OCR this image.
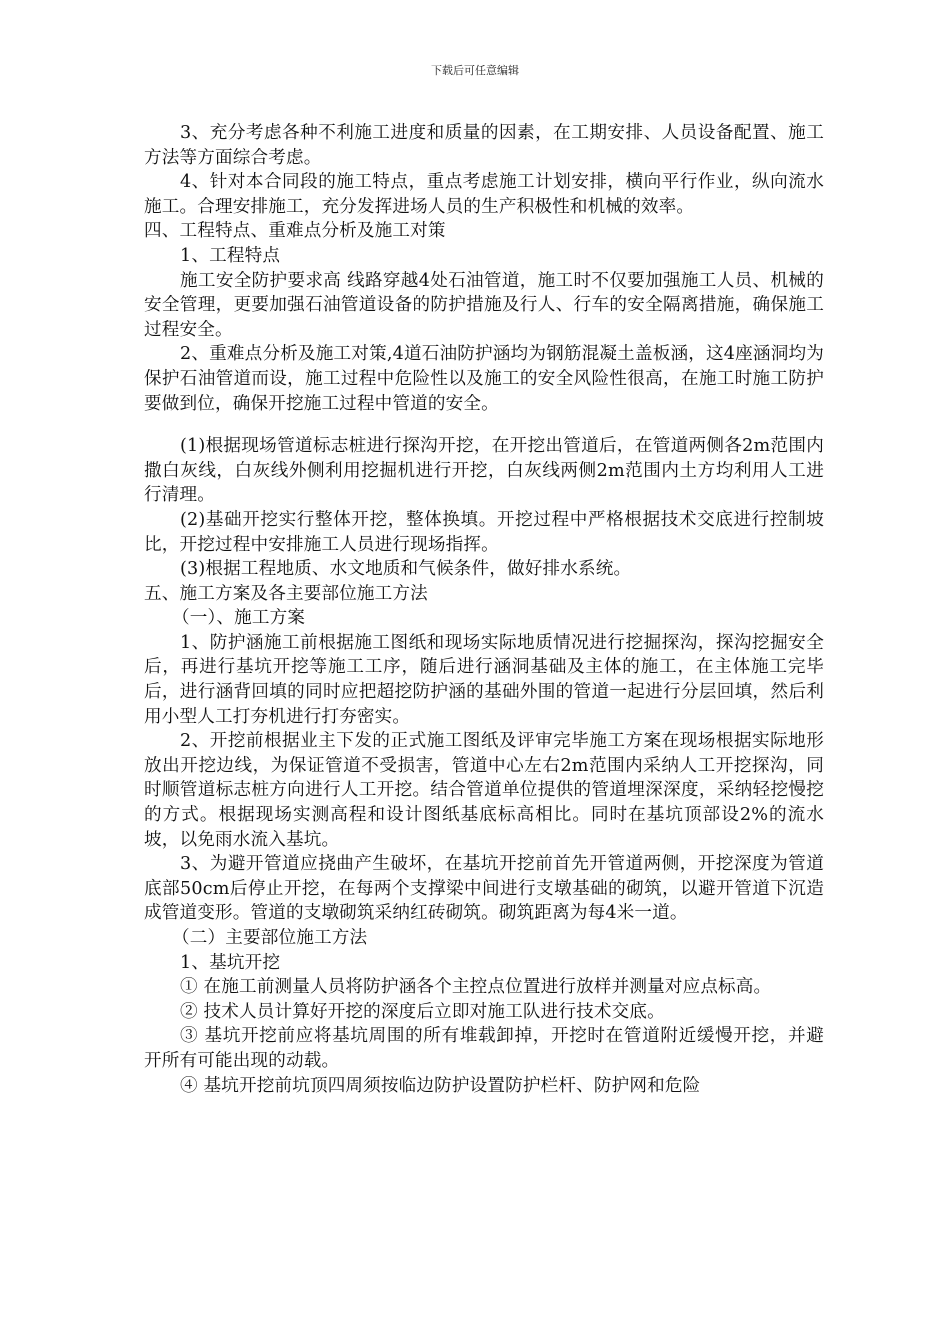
下载后可任意编辑

3、充分考虑各种不利施工进度和质量的因素，在工期安排、人员设备配置、施工方法等方面综合考虑。

4、针对本合同段的施工特点，重点考虑施工计划安排，横向平行作业，纵向流水施工。合理安排施工，充分发挥进场人员的生产积极性和机械的效率。

四、工程特点、重难点分析及施工对策

1、工程特点

施工安全防护要求高 线路穿越4处石油管道，施工时不仅要加强施工人员、机械的安全管理，更要加强石油管道设备的防护措施及行人、行车的安全隔离措施，确保施工过程安全。

2、重难点分析及施工对策,4道石油防护涵均为钢筋混凝土盖板涵，这4座涵洞均为保护石油管道而设，施工过程中危险性以及施工的安全风险性很高，在施工时施工防护要做到位，确保开挖施工过程中管道的安全。

(1)根据现场管道标志桩进行探沟开挖，在开挖出管道后，在管道两侧各2m范围内撒白灰线，白灰线外侧利用挖掘机进行开挖，白灰线两侧2m范围内土方均利用人工进行清理。

(2)基础开挖实行整体开挖，整体换填。开挖过程中严格根据技术交底进行控制坡比，开挖过程中安排施工人员进行现场指挥。

(3)根据工程地质、水文地质和气候条件，做好排水系统。

五、施工方案及各主要部位施工方法

（一）、施工方案

1、防护涵施工前根据施工图纸和现场实际地质情况进行挖掘探沟，探沟挖掘安全后，再进行基坑开挖等施工工序，随后进行涵洞基础及主体的施工，在主体施工完毕后，进行涵背回填的同时应把超挖防护涵的基础外围的管道一起进行分层回填，然后利用小型人工打夯机进行打夯密实。

2、开挖前根据业主下发的正式施工图纸及评审完毕施工方案在现场根据实际地形放出开挖边线，为保证管道不受损害，管道中心左右2m范围内采纳人工开挖探沟，同时顺管道标志桩方向进行人工开挖。结合管道单位提供的管道埋深深度，采纳轻挖慢挖的方式。根据现场实测高程和设计图纸基底标高相比。同时在基坑顶部设2%的流水坡，以免雨水流入基坑。

3、为避开管道应挠曲产生破坏，在基坑开挖前首先开管道两侧，开挖深度为管道底部50cm后停止开挖，在每两个支撑梁中间进行支墩基础的砌筑，以避开管道下沉造成管道变形。管道的支墩砌筑采纳红砖砌筑。砌筑距离为每4米一道。

（二）主要部位施工方法

1、基坑开挖

① 在施工前测量人员将防护涵各个主控点位置进行放样并测量对应点标高。

② 技术人员计算好开挖的深度后立即对施工队进行技术交底。

③ 基坑开挖前应将基坑周围的所有堆载卸掉，开挖时在管道附近缓慢开挖，并避开所有可能出现的动载。

④ 基坑开挖前坑顶四周须按临边防护设置防护栏杆、防护网和危险
